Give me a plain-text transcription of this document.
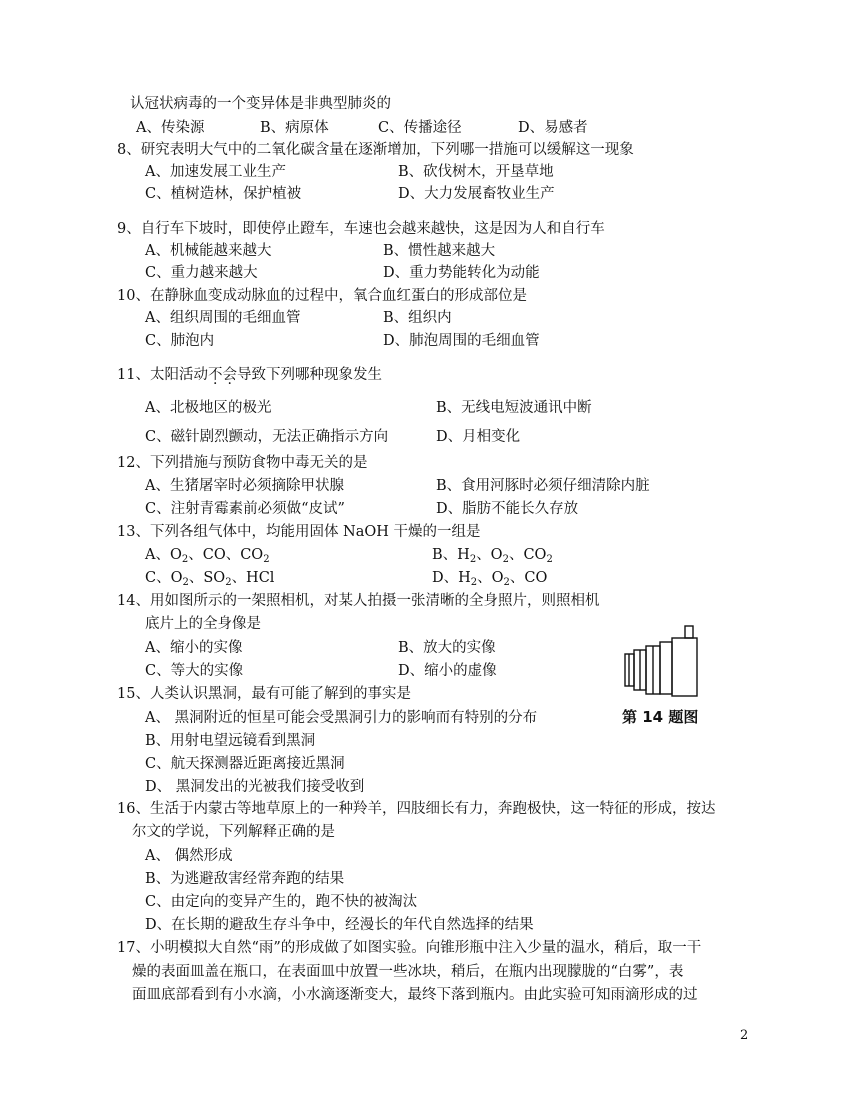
认冠状病毒的一个变异体是非典型肺炎的
A、传染源	B、病原体	C、传播途径	D、易感者
8、研究表明大气中的二氧化碳含量在逐渐增加，下列哪一措施可以缓解这一现象
A、加速发展工业生产	B、砍伐树木，开垦草地
C、植树造林，保护植被	D、大力发展畜牧业生产
9、自行车下坡时，即使停止蹬车，车速也会越来越快，这是因为人和自行车
A、机械能越来越大	B、惯性越来越大
C、重力越来越大	D、重力势能转化为动能
10、在静脉血变成动脉血的过程中，氧合血红蛋白的形成部位是
A、组织周围的毛细血管	B、组织内
C、肺泡内	D、肺泡周围的毛细血管
11、太阳活动不会导致下列哪种现象发生
A、北极地区的极光	B、无线电短波通讯中断
C、磁针剧烈颤动，无法正确指示方向	D、月相变化
12、下列措施与预防食物中毒无关的是
A、生猪屠宰时必须摘除甲状腺	B、食用河豚时必须仔细清除内脏
C、注射青霉素前必须做“皮试”	D、脂肪不能长久存放
13、下列各组气体中，均能用固体 NaOH 干燥的一组是
A、$O_2$、CO、$CO_2$	B、$H_2$、$O_2$、$CO_2$
C、$O_2$、$SO_2$、HCl	D、$H_2$、$O_2$、CO
14、用如图所示的一架照相机，对某人拍摄一张清晰的全身照片，则照相机
底片上的全身像是
A、缩小的实像	B、放大的实像
C、等大的实像	D、缩小的虚像
第 14 题图
15、人类认识黑洞，最有可能了解到的事实是
A、 黑洞附近的恒星可能会受黑洞引力的影响而有特别的分布
B、用射电望远镜看到黑洞
C、航天探测器近距离接近黑洞
D、 黑洞发出的光被我们接受收到
16、生活于内蒙古等地草原上的一种羚羊，四肢细长有力，奔跑极快，这一特征的形成，按达
尔文的学说，下列解释正确的是
A、 偶然形成
B、为逃避敌害经常奔跑的结果
C、由定向的变异产生的，跑不快的被淘汰
D、在长期的避敌生存斗争中，经漫长的年代自然选择的结果
17、小明模拟大自然“雨”的形成做了如图实验。向锥形瓶中注入少量的温水，稍后，取一干
燥的表面皿盖在瓶口，在表面皿中放置一些冰块，稍后，在瓶内出现朦胧的“白雾”，表
面皿底部看到有小水滴，小水滴逐渐变大，最终下落到瓶内。由此实验可知雨滴形成的过
2
